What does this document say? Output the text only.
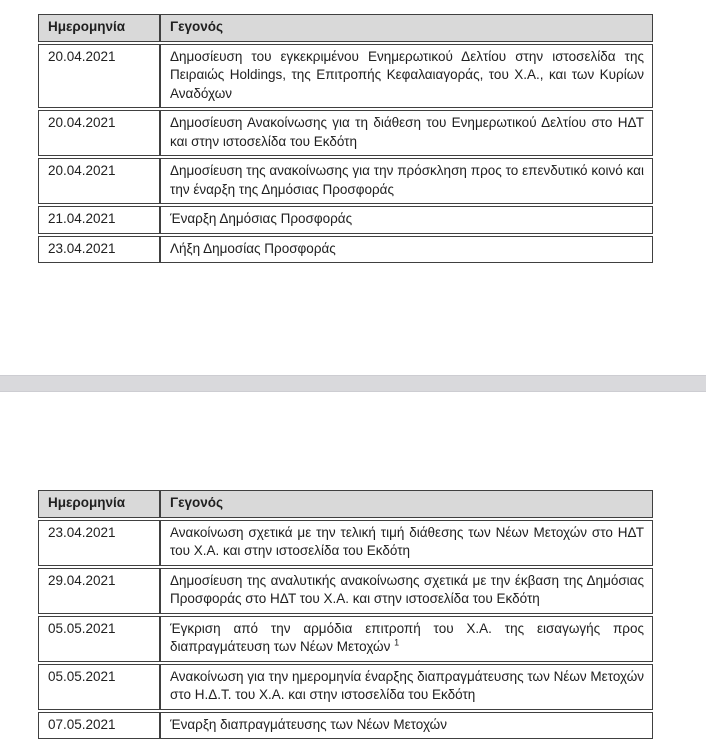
Ημερομηνία	Γεγονός
20.04.2021	Δημοσίευση του εγκεκριμένου Ενημερωτικού Δελτίου στην ιστοσελίδα της Πειραιώς Holdings, της Επιτροπής Κεφαλαιαγοράς, του Χ.Α., και των Κυρίων Αναδόχων
20.04.2021	Δημοσίευση Ανακοίνωσης για τη διάθεση του Ενημερωτικού Δελτίου στο ΗΔΤ και στην ιστοσελίδα του Εκδότη
20.04.2021	Δημοσίευση της ανακοίνωσης για την πρόσκληση προς το επενδυτικό κοινό και την έναρξη της Δημόσιας Προσφοράς
21.04.2021	Έναρξη Δημόσιας Προσφοράς
23.04.2021	Λήξη Δημοσίας Προσφοράς
Ημερομηνία	Γεγονός
23.04.2021	Ανακοίνωση σχετικά με την τελική τιμή διάθεσης των Νέων Μετοχών στο ΗΔΤ του Χ.Α. και στην ιστοσελίδα του Εκδότη
29.04.2021	Δημοσίευση της αναλυτικής ανακοίνωσης σχετικά με την έκβαση της Δημόσιας Προσφοράς στο ΗΔΤ του Χ.Α. και στην ιστοσελίδα του Εκδότη
05.05.2021	Έγκριση από την αρμόδια επιτροπή του Χ.Α. της εισαγωγής προς διαπραγμάτευση των Νέων Μετοχών $^1$
05.05.2021	Ανακοίνωση για την ημερομηνία έναρξης διαπραγμάτευσης των Νέων Μετοχών στο Η.Δ.Τ. του Χ.Α. και στην ιστοσελίδα του Εκδότη
07.05.2021	Έναρξη διαπραγμάτευσης των Νέων Μετοχών
